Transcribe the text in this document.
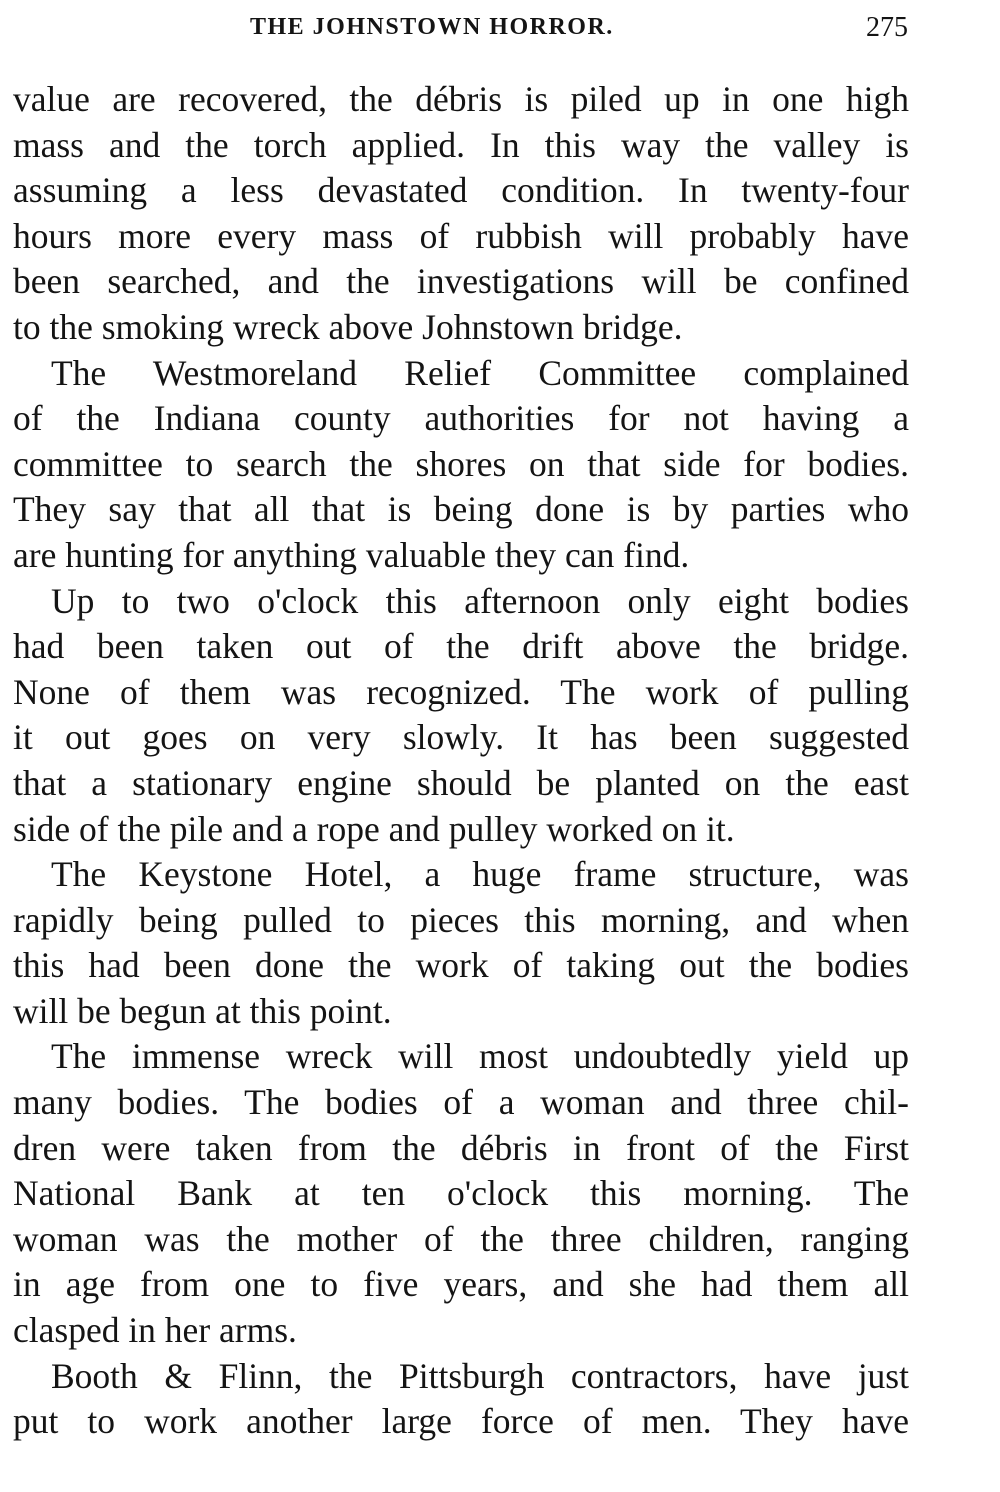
THE JOHNSTOWN HORROR.	275

value are recovered, the débris is piled up in one high
mass and the torch applied. In this way the valley is
assuming a less devastated condition. In twenty-four
hours more every mass of rubbish will probably have
been searched, and the investigations will be confined
to the smoking wreck above Johnstown bridge.

The Westmoreland Relief Committee complained
of the Indiana county authorities for not having a
committee to search the shores on that side for bodies.
They say that all that is being done is by parties who
are hunting for anything valuable they can find.

Up to two o'clock this afternoon only eight bodies
had been taken out of the drift above the bridge.
None of them was recognized. The work of pulling
it out goes on very slowly. It has been suggested
that a stationary engine should be planted on the east
side of the pile and a rope and pulley worked on it.

The Keystone Hotel, a huge frame structure, was
rapidly being pulled to pieces this morning, and when
this had been done the work of taking out the bodies
will be begun at this point.

The immense wreck will most undoubtedly yield up
many bodies. The bodies of a woman and three chil-
dren were taken from the débris in front of the First
National Bank at ten o'clock this morning. The
woman was the mother of the three children, ranging
in age from one to five years, and she had them all
clasped in her arms.

Booth & Flinn, the Pittsburgh contractors, have just
put to work another large force of men. They have
